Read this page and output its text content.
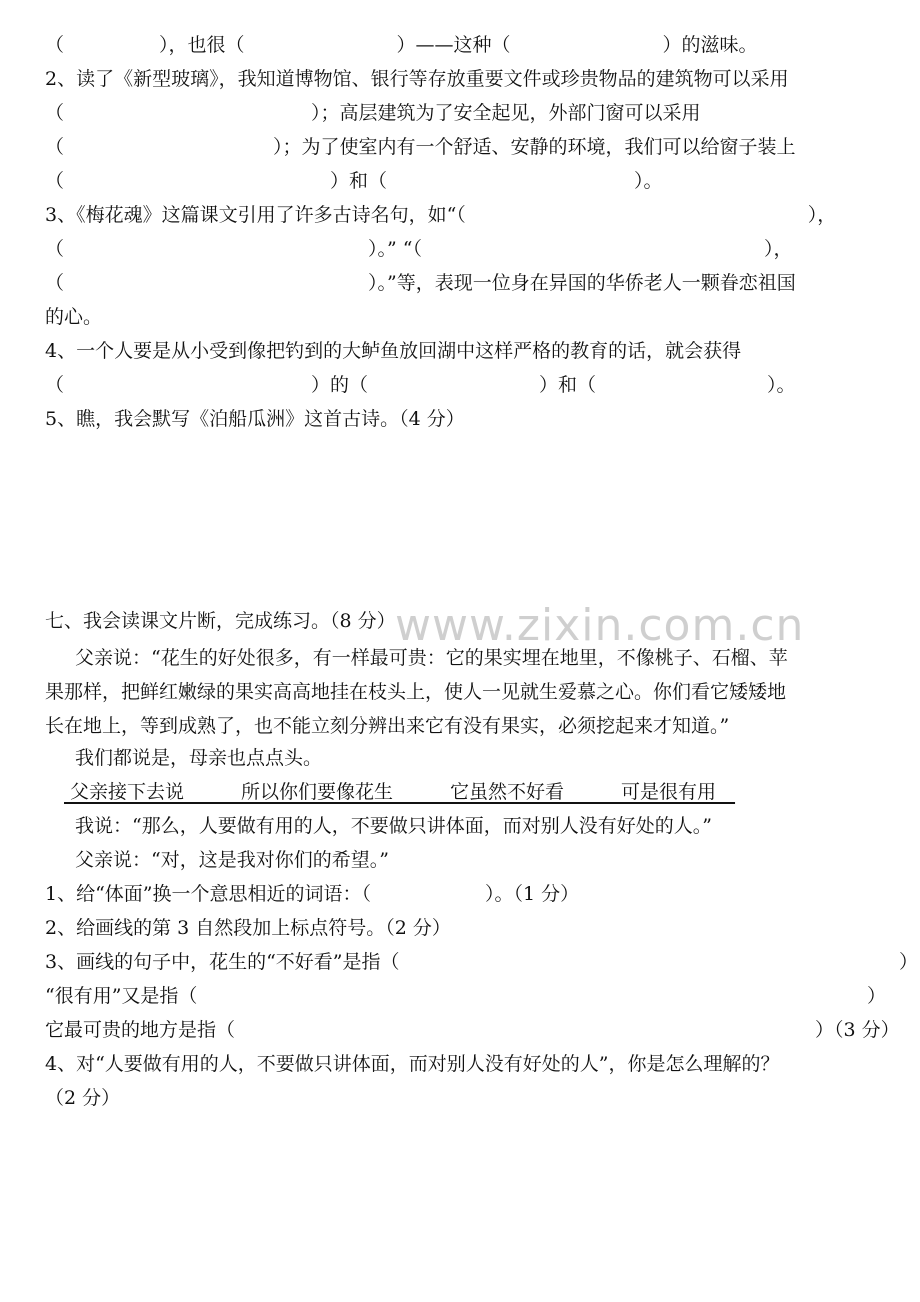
（　　　　　），也很（　　　　　　　　）——这种（　　　　　　　　）的滋味。
2、读了《新型玻璃》，我知道博物馆、银行等存放重要文件或珍贵物品的建筑物可以采用
（　　　　　　　　　　　　　）；高层建筑为了安全起见，外部门窗可以采用
（　　　　　　　　　　　）；为了使室内有一个舒适、安静的环境，我们可以给窗子装上
（　　　　　　　　　　　　　　）和（　　　　　　　　　　　　　）。
3、《梅花魂》这篇课文引用了许多古诗名句，如“（　　　　　　　　　　　　　　　　　　），
（　　　　　　　　　　　　　　　　）。” “（　　　　　　　　　　　　　　　　　　），
（　　　　　　　　　　　　　　　　）。”等，表现一位身在异国的华侨老人一颗眷恋祖国
的心。
4、一个人要是从小受到像把钓到的大鲈鱼放回湖中这样严格的教育的话，就会获得
（　　　　　　　　　　　　　）的（　　　　　　　　　）和（　　　　　　　　　）。
5、瞧，我会默写《泊船瓜洲》这首古诗。（4 分）
www.zixin.com.cn
七、我会读课文片断，完成练习。（8 分）
父亲说：“花生的好处很多，有一样最可贵：它的果实埋在地里，不像桃子、石榴、苹
果那样，把鲜红嫩绿的果实高高地挂在枝头上，使人一见就生爱慕之心。你们看它矮矮地
长在地上，等到成熟了，也不能立刻分辨出来它有没有果实，必须挖起来才知道。”
我们都说是，母亲也点点头。
父亲接下去说　　　所以你们要像花生　　　它虽然不好看　　　可是很有用　
我说：“那么，人要做有用的人，不要做只讲体面，而对别人没有好处的人。”
父亲说：“对，这是我对你们的希望。”
1、给“体面”换一个意思相近的词语：（　　　　　　）。（1 分）
2、给画线的第 3 自然段加上标点符号。（2 分）
3、画线的句子中，花生的“不好看”是指（	）
“很有用”又是指（	）
它最可贵的地方是指（	）（3 分）
4、对“人要做有用的人，不要做只讲体面，而对别人没有好处的人”，你是怎么理解的？
（2 分）
